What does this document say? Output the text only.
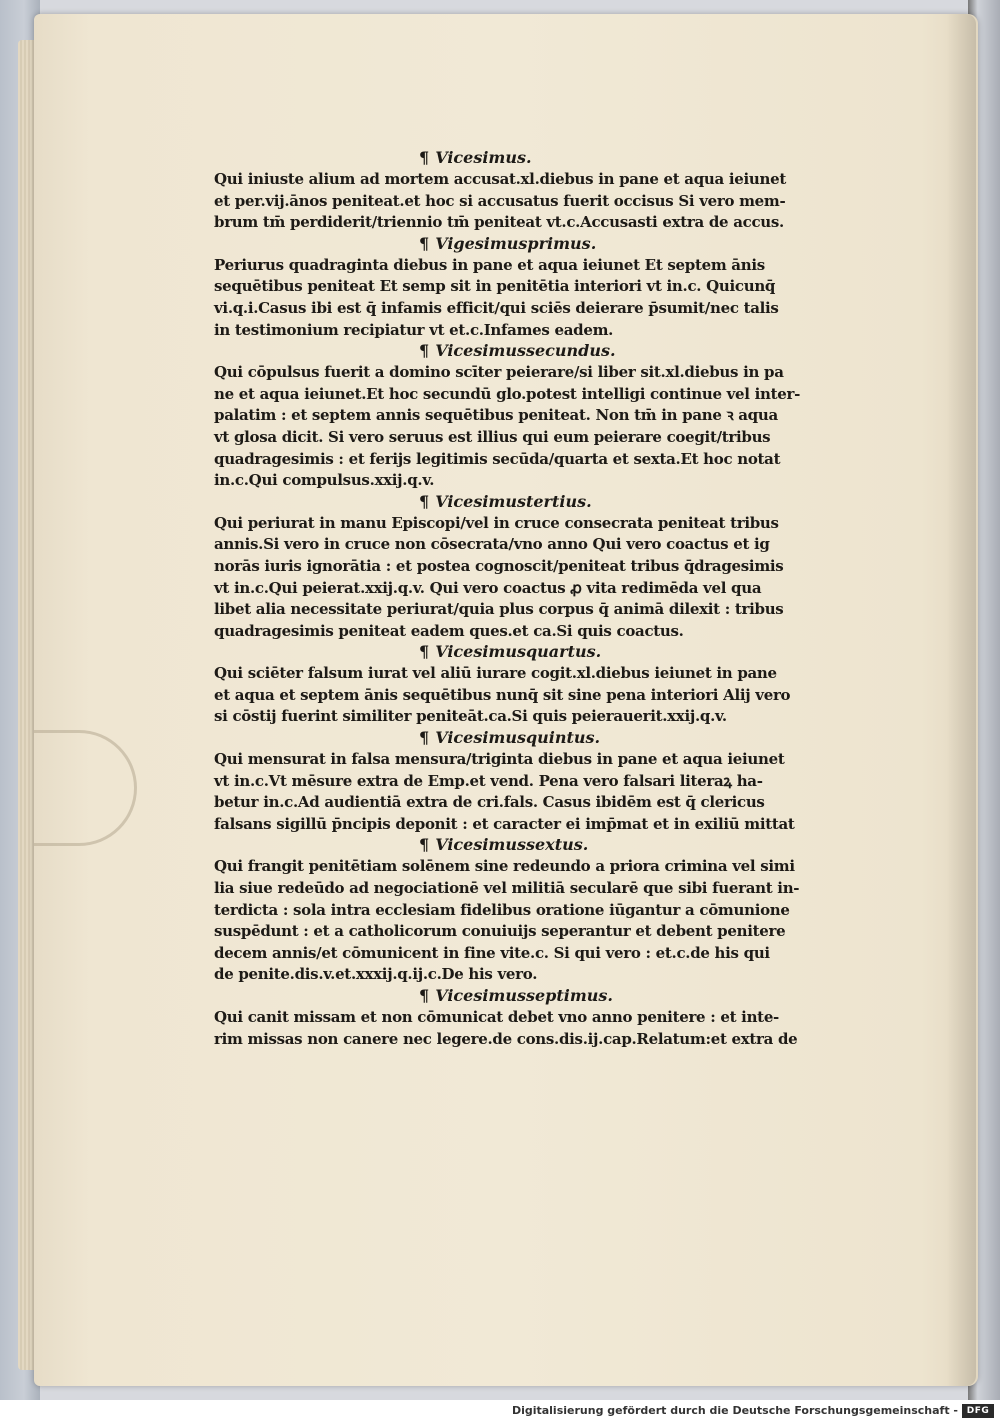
¶ Vicesimus.
Qui iniuste alium ad mortem accusat.xl.diebus in pane et aqua ieiunet
et per.vij.ānos peniteat.et hoc si accusatus fuerit occisus Si vero mem-
brum tm̄ perdiderit/triennio tm̄ peniteat vt.c.Accusasti extra de accus.
¶ Vigesimusprimus.
Periurus quadraginta diebus in pane et aqua ieiunet Et septem ānis
sequētibus peniteat Et semp sit in penitētia interiori vt in.c. Quicunq̄
vi.q.i.Casus ibi est q̄ infamis efficit/qui sciēs deierare p̄sumit/nec talis
in testimonium recipiatur vt et.c.Infames eadem.
¶ Vicesimussecundus.
Qui cōpulsus fuerit a domino scīter peierare/si liber sit.xl.diebus in pa
ne et aqua ieiunet.Et hoc secundū glo.potest intelligi continue vel inter-
palatim : et septem annis sequētibus peniteat. Non tm̄ in pane ꝛ aqua
vt glosa dicit. Si vero seruus est illius qui eum peierare coegit/tribus
quadragesimis : et ferijs legitimis secūda/quarta et sexta.Et hoc notat
in.c.Qui compulsus.xxij.q.v.
¶ Vicesimustertius.
Qui periurat in manu Episcopi/vel in cruce consecrata peniteat tribus
annis.Si vero in cruce non cōsecrata/vno anno Qui vero coactus et ig
norās iuris ignorātia : et postea cognoscit/peniteat tribus q̄dragesimis
vt in.c.Qui peierat.xxij.q.v. Qui vero coactus ꝓ vita redimēda vel qua
libet alia necessitate periurat/quia plus corpus q̄ animā dilexit : tribus
quadragesimis peniteat eadem ques.et ca.Si quis coactus.
¶ Vicesimusquartus.
Qui sciēter falsum iurat vel aliū iurare cogit.xl.diebus ieiunet in pane
et aqua et septem ānis sequētibus nunq̄ sit sine pena interiori Alij vero
si cōstij fuerint similiter peniteāt.ca.Si quis peierauerit.xxij.q.v.
¶ Vicesimusquintus.
Qui mensurat in falsa mensura/triginta diebus in pane et aqua ieiunet
vt in.c.Vt mēsure extra de Emp.et vend. Pena vero falsari literaꝝ ha-
betur in.c.Ad audientiā extra de cri.fals. Casus ibidēm est q̄ clericus
falsans sigillū p̄ncipis deponit : et caracter ei imp̄mat et in exiliū mittat
¶ Vicesimussextus.
Qui frangit penitētiam solēnem sine redeundo a priora crimina vel simi
lia siue redeūdo ad negociationē vel militiā secularē que sibi fuerant in-
terdicta : sola intra ecclesiam fidelibus oratione iūgantur a cōmunione
suspēdunt : et a catholicorum conuiuijs seperantur et debent penitere
decem annis/et cōmunicent in fine vite.c. Si qui vero : et.c.de his qui
de penite.dis.v.et.xxxij.q.ij.c.De his vero.
¶ Vicesimusseptimus.
Qui canit missam et non cōmunicat debet vno anno penitere : et inte-
rim missas non canere nec legere.de cons.dis.ij.cap.Relatum:et extra de
Digitalisierung gefördert durch die Deutsche Forschungsgemeinschaft - DFG
